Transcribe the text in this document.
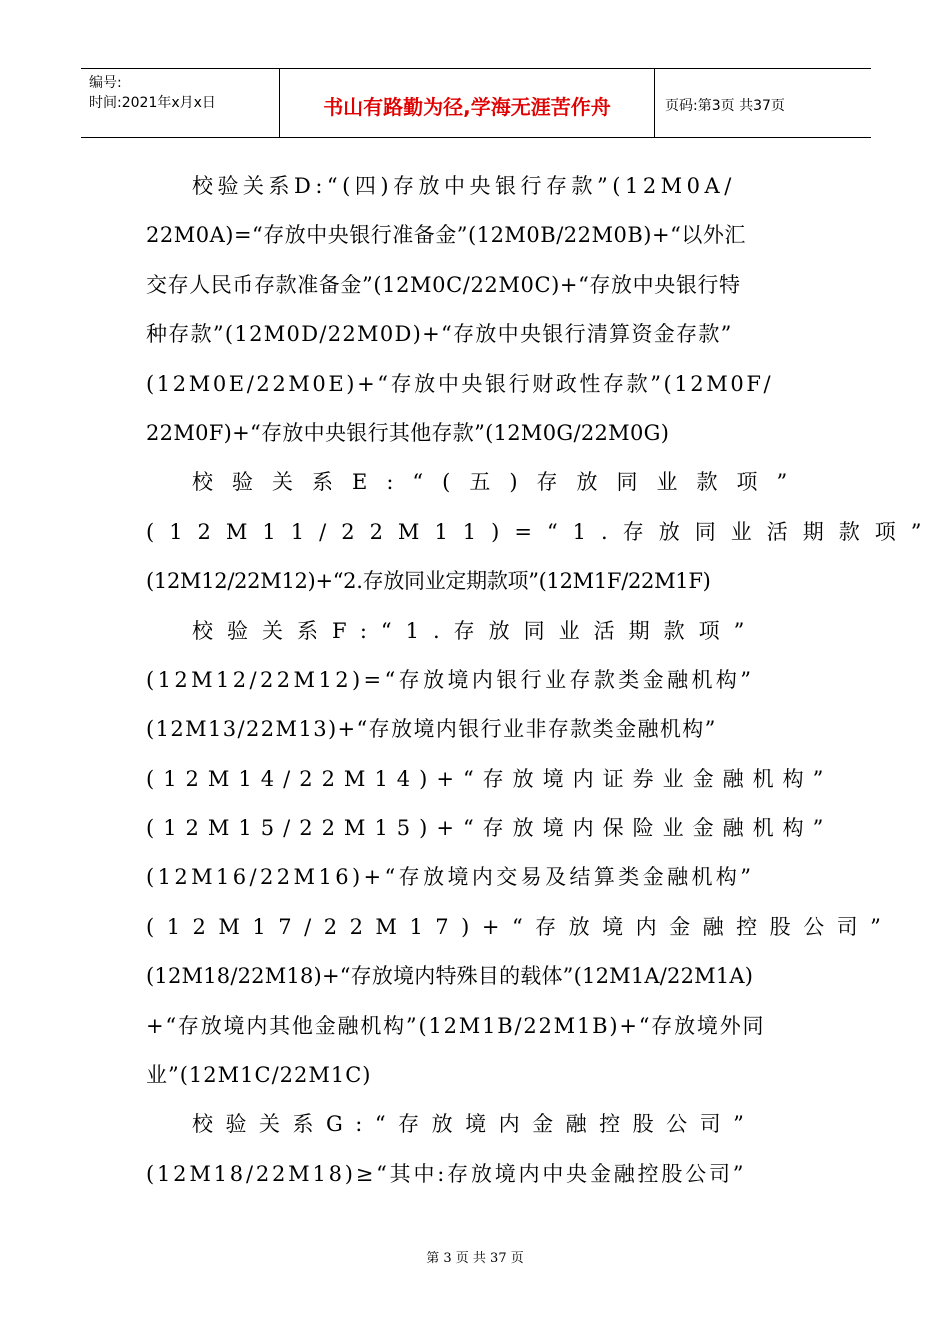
编号:
时间:2021年x月x日	书山有路勤为径,学海无涯苦作舟	页码:第3页 共37页
校验关系D:“(四)存放中央银行存款”(12M0A/
22M0A)=“存放中央银行准备金”(12M0B/22M0B)+“以外汇
交存人民币存款准备金”(12M0C/22M0C)+“存放中央银行特
种存款”(12M0D/22M0D)+“存放中央银行清算资金存款”
(12M0E/22M0E)+“存放中央银行财政性存款”(12M0F/
22M0F)+“存放中央银行其他存款”(12M0G/22M0G)
校验关系E:“(五)存放同业款项”
(12M11/22M11)=“1.存放同业活期款项”
(12M12/22M12)+“2.存放同业定期款项”(12M1F/22M1F)
校验关系F:“1.存放同业活期款项”
(12M12/22M12)=“存放境内银行业存款类金融机构”
(12M13/22M13)+“存放境内银行业非存款类金融机构”
(12M14/22M14)+“存放境内证券业金融机构”
(12M15/22M15)+“存放境内保险业金融机构”
(12M16/22M16)+“存放境内交易及结算类金融机构”
(12M17/22M17)+“存放境内金融控股公司”
(12M18/22M18)+“存放境内特殊目的载体”(12M1A/22M1A)
+“存放境内其他金融机构”(12M1B/22M1B)+“存放境外同
业”(12M1C/22M1C)
校验关系G:“存放境内金融控股公司”
(12M18/22M18)≥“其中:存放境内中央金融控股公司”
第 3 页 共 37 页
